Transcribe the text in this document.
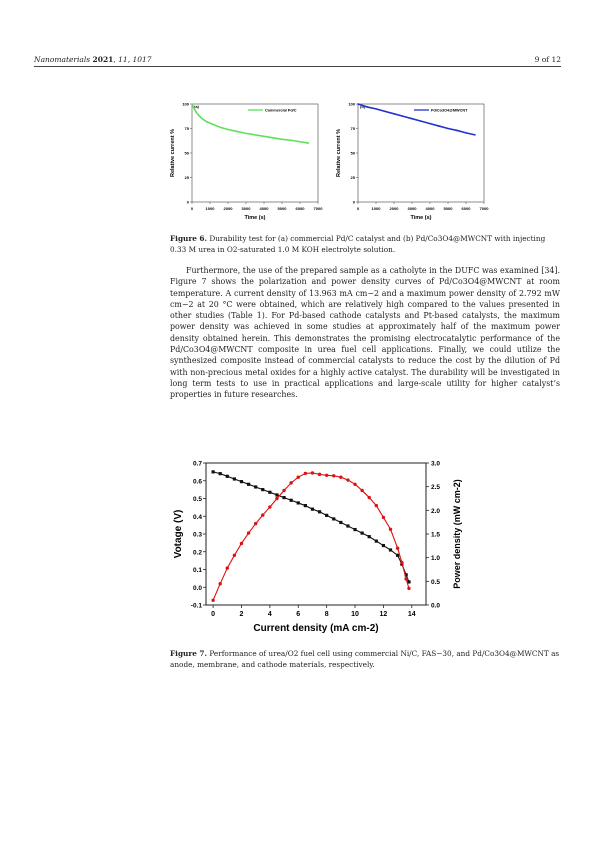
Nanomaterials 2021, 11, 1017	9 of 12
0	1000 2000 3000 4000 5000 6000 7000
0
25
50
75
100
Time (s)
Relative current %
(a)
Commercial Pd/C
0	1000 2000 3000 4000 5000 6000 7000
0
25
50
75
100
Time (s)
Relative current %
(b)
Pd/Co3O4@MWCNT
Figure 6. Durability test for (a) commercial Pd/C catalyst and (b) Pd/Co3O4@MWCNT with injecting 0.33 M urea in O2-saturated 1.0 M KOH electrolyte solution.

Furthermore, the use of the prepared sample as a catholyte in the DUFC was examined [34]. Figure 7 shows the polarization and power density curves of Pd/Co3O4@MWCNT at room temperature. A current density of 13.963 mA cm−2 and a maximum power density of 2.792 mW cm−2 at 20 °C were obtained, which are relatively high compared to the values presented in other studies (Table 1). For Pd-based cathode catalysts and Pt-based catalysts, the maximum power density was achieved in some studies at approximately half of the maximum power density obtained herein. This demonstrates the promising electrocatalytic performance of the Pd/Co3O4@MWCNT composite in urea fuel cell applications. Finally, we could utilize the synthesized composite instead of commercial catalysts to reduce the cost by the dilution of Pd with non-precious metal oxides for a highly active catalyst. The durability will be investigated in long term tests to use in practical applications and large-scale utility for higher catalyst’s properties in future researches.

0	2	4	6	8	10	12	14
-0.1
0.0
0.1
0.2
0.3
0.4
0.5
0.6
0.7
0.0
0.5
1.0
1.5
2.0
2.5
3.0
Current density (mA cm-2)
Votage (V)	Power density (mW cm-2)
Figure 7. Performance of urea/O2 fuel cell using commercial Ni/C, FAS−30, and Pd/Co3O4@MWCNT as anode, membrane, and cathode materials, respectively.
